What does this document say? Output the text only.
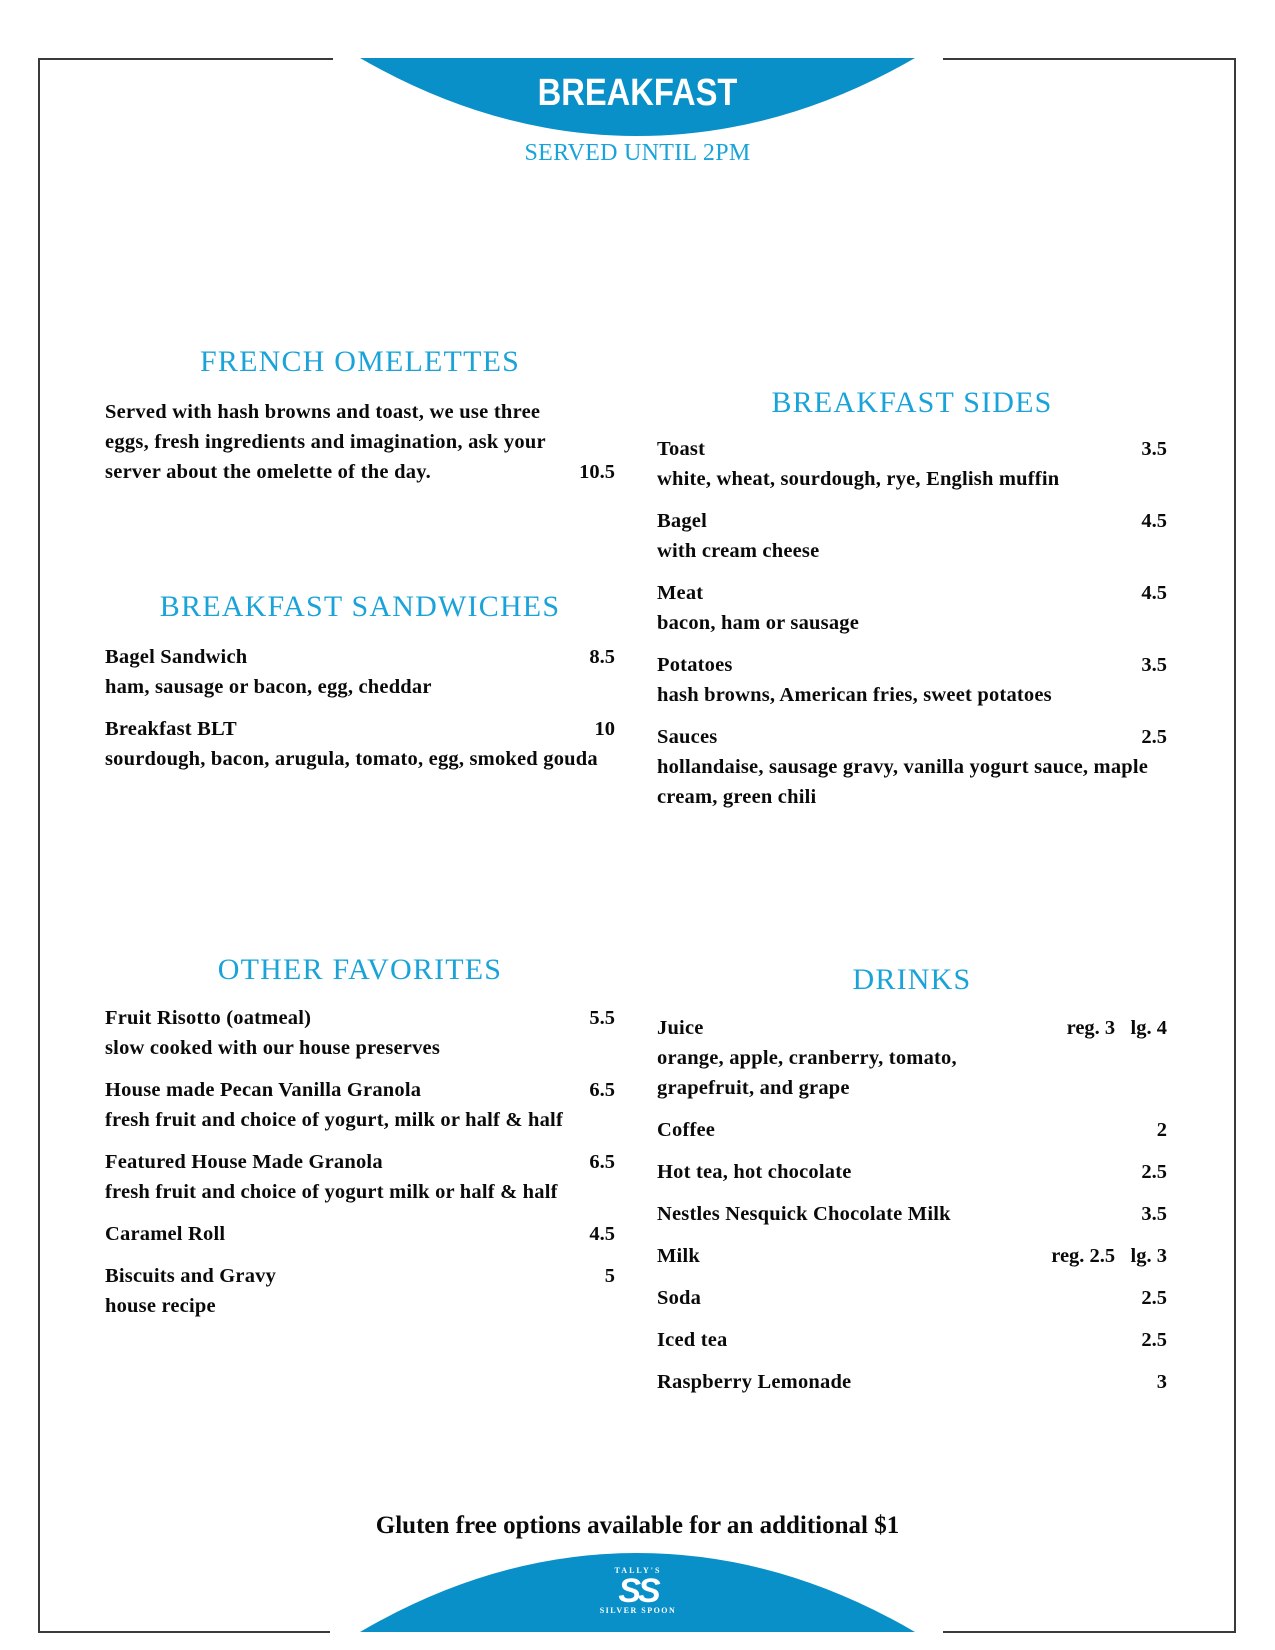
BREAKFAST
SERVED UNTIL 2PM
FRENCH OMELETTES
Served with hash browns and toast, we use three
eggs, fresh ingredients and imagination, ask your
server about the omelette of the day.	10.5
BREAKFAST SANDWICHES
Bagel Sandwich	8.5
ham, sausage or bacon, egg, cheddar
Breakfast BLT	10
sourdough, bacon, arugula, tomato, egg, smoked gouda
BREAKFAST SIDES
Toast	3.5
white, wheat, sourdough, rye, English muffin
Bagel	4.5
with cream cheese
Meat	4.5
bacon, ham or sausage
Potatoes	3.5
hash browns, American fries, sweet potatoes
Sauces	2.5
hollandaise, sausage gravy, vanilla yogurt sauce, maple cream, green chili
OTHER FAVORITES
Fruit Risotto (oatmeal)	5.5
slow cooked with our house preserves
House made Pecan Vanilla Granola	6.5
fresh fruit and choice of yogurt, milk or half & half
Featured House Made Granola	6.5
fresh fruit and choice of yogurt milk or half & half
Caramel Roll	4.5
Biscuits and Gravy	5
house recipe
DRINKS
Juice	reg. 3   lg. 4
orange, apple, cranberry, tomato, grapefruit, and grape
Coffee	2
Hot tea, hot chocolate	2.5
Nestles Nesquick Chocolate Milk	3.5
Milk	reg. 2.5   lg. 3
Soda	2.5
Iced tea	2.5
Raspberry Lemonade	3
Gluten free options available for an additional $1
TALLY'S
SS
SILVER SPOON
